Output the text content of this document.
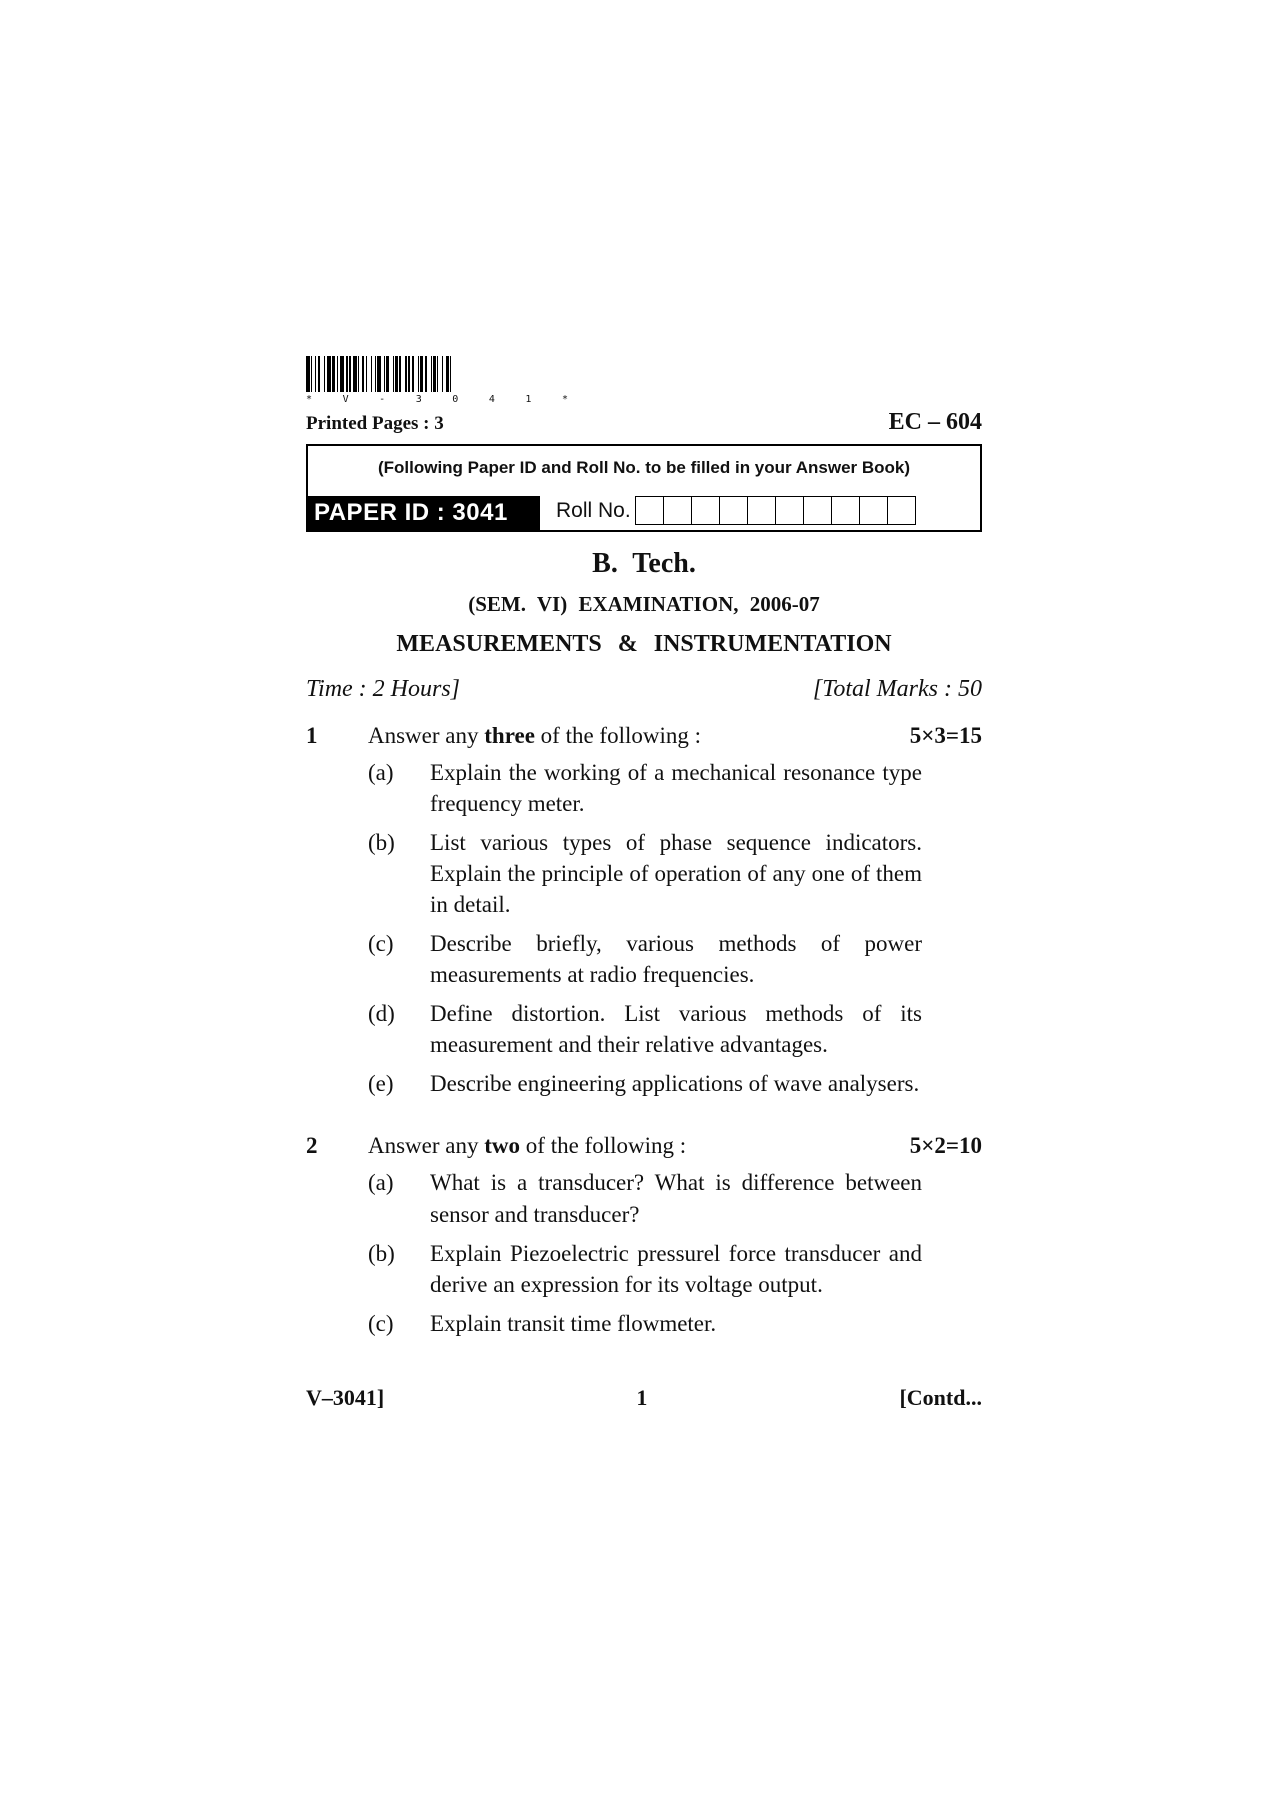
*	V	-	3	0	4	1	*
Printed Pages : 3	EC – 604
(Following Paper ID and Roll No. to be filled in your Answer Book)
PAPER ID : 3041	Roll No.
B. Tech.
(SEM. VI) EXAMINATION, 2006-07
MEASUREMENTS & INSTRUMENTATION
Time : 2 Hours]	[Total Marks : 50
1	Answer any three of the following :	5×3=15
(a)	Explain the working of a mechanical resonance type frequency meter.
(b)	List various types of phase sequence indicators. Explain the principle of operation of any one of them in detail.
(c)	Describe briefly, various methods of power measurements at radio frequencies.
(d)	Define distortion. List various methods of its measurement and their relative advantages.
(e)	Describe engineering applications of wave analysers.
2	Answer any two of the following :	5×2=10
(a)	What is a transducer? What is difference between sensor and transducer?
(b)	Explain Piezoelectric pressurel force transducer and derive an expression for its voltage output.
(c)	Explain transit time flowmeter.
V–3041]	1	[Contd...
